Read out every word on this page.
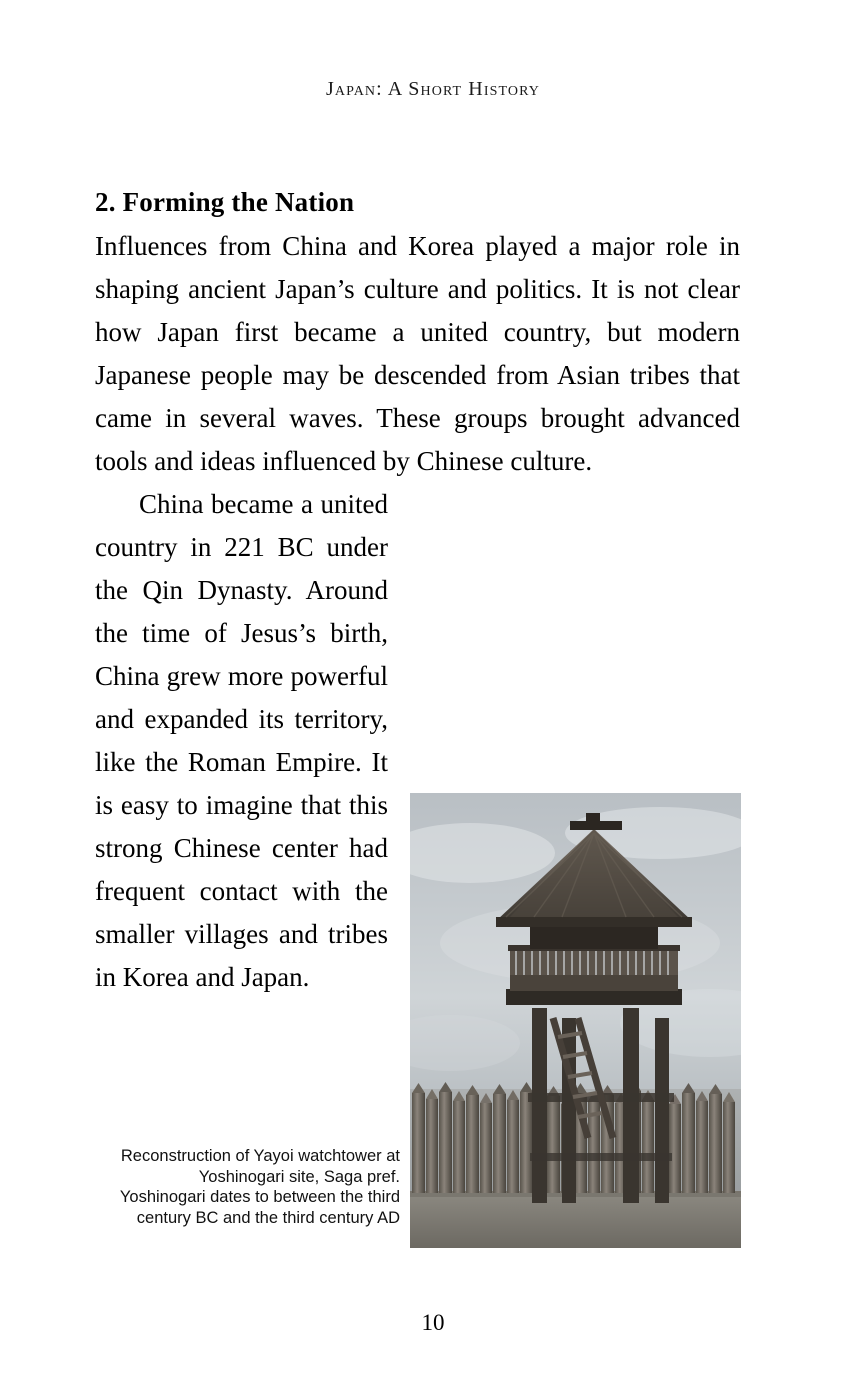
Japan: A Short History
2. Forming the Nation

Influences from China and Korea played a major role in shaping ancient Japan’s culture and politics. It is not clear how Japan first became a united country, but modern Japanese people may be descended from Asian tribes that came in several waves. These groups brought advanced tools and ideas influenced by Chinese culture.

China became a united country in 221 BC under the Qin Dynasty. Around the time of Jesus’s birth, China grew more powerful and expanded its territory, like the Roman Empire. It is easy to imagine that this strong Chinese center had frequent contact with the smaller villages and tribes in Korea and Japan.

Reconstruction of Yayoi watchtower at Yoshinogari site, Saga pref. Yoshinogari dates to between the third century BC and the third century AD
10
